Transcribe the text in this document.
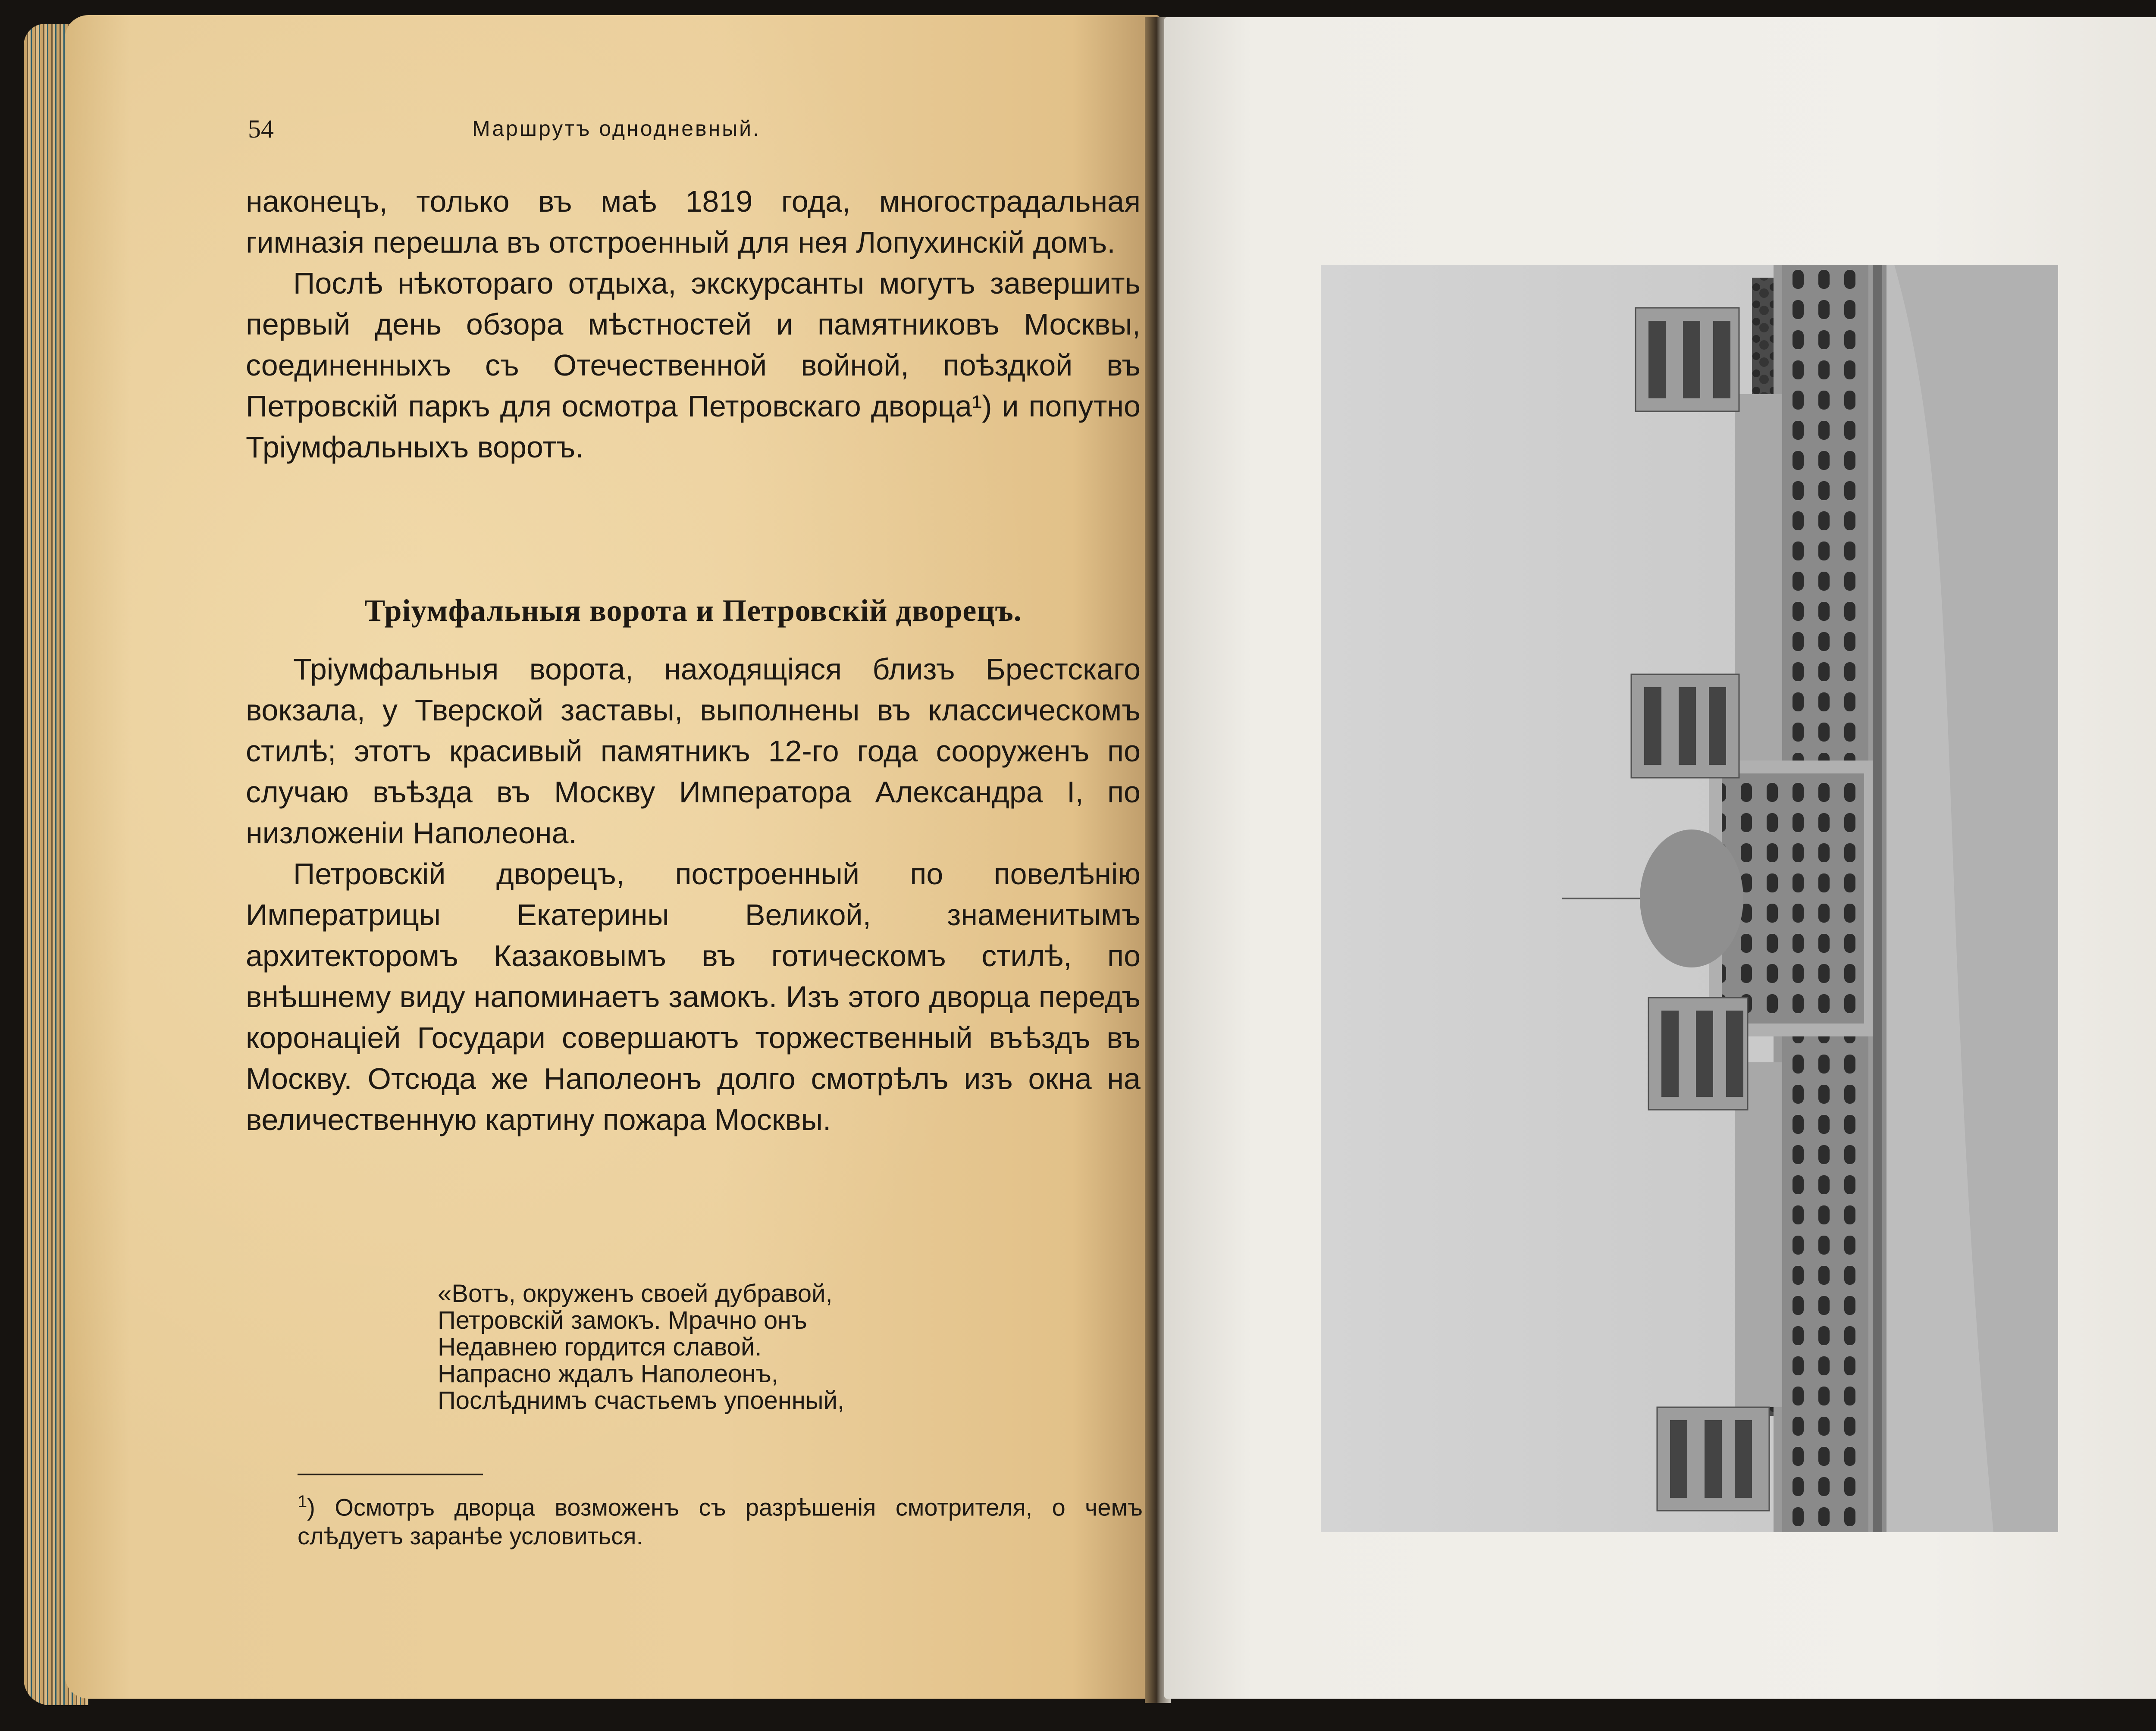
54	Маршрутъ однодневный.

наконецъ, только въ маѣ 1819 года, многострадальная гимназія перешла въ отстроенный для нея Лопухинскій домъ.

Послѣ нѣкотораго отдыха, экскурсанты могутъ завершить первый день обзора мѣстностей и памятниковъ Москвы, соединенныхъ съ Отечественной войной, поѣздкой въ Петровскій паркъ для осмотра Петровскаго дворца¹) и попутно Тріумфальныхъ воротъ.

Тріумфальныя ворота и Петровскій дворецъ.

Тріумфальныя ворота, находящіяся близъ Брестскаго вокзала, у Тверской заставы, выполнены въ классическомъ стилѣ; этотъ красивый памятникъ 12-го года сооруженъ по случаю въѣзда въ Москву Императора Александра I, по низложеніи Наполеона.

Петровскій дворецъ, построенный по повелѣнію Императрицы Екатерины Великой, знаменитымъ архитекторомъ Казаковымъ въ готическомъ стилѣ, по внѣшнему виду напоминаетъ замокъ. Изъ этого дворца передъ коронаціей Государи совершаютъ торжественный въѣздъ въ Москву. Отсюда же Наполеонъ долго смотрѣлъ изъ окна на величественную картину пожара Москвы.

«Вотъ, окруженъ своей дубравой,
Петровскій замокъ. Мрачно онъ
Недавнею гордится славой.
Напрасно ждалъ Наполеонъ,
Послѣднимъ счастьемъ упоенный,
$^1$) Осмотръ дворца возможенъ съ разрѣшенія смотрителя, о чемъ слѣдуетъ заранѣе условиться.
